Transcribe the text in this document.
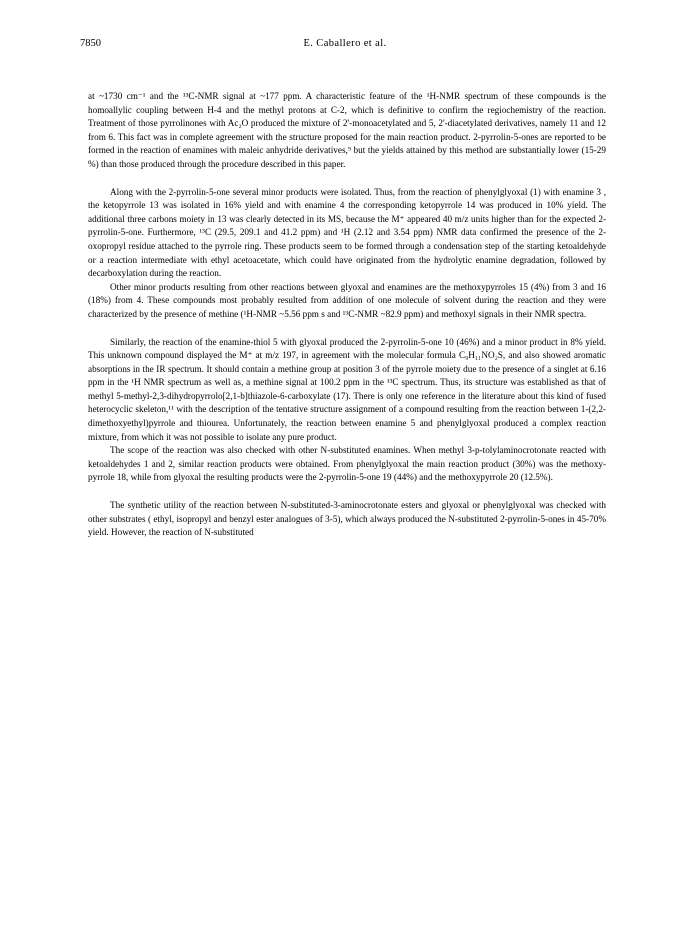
7850	E. Caballero et al.

at ~1730 cm⁻¹ and the ¹³C-NMR signal at ~177 ppm. A characteristic feature of the ¹H-NMR spectrum of these compounds is the homoallylic coupling between H-4 and the methyl protons at C-2, which is definitive to confirm the regiochemistry of the reaction. Treatment of those pyrrolinones with Ac₂O produced the mixture of 2'-monoacetylated and 5, 2'-diacetylated derivatives, namely 11 and 12 from 6. This fact was in complete agreement with the structure proposed for the main reaction product. 2-pyrrolin-5-ones are reported to be formed in the reaction of enamines with maleic anhydride derivatives,⁹ but the yields attained by this method are substantially lower (15-29 %) than those produced through the procedure described in this paper.

Along with the 2-pyrrolin-5-one several minor products were isolated. Thus, from the reaction of phenylglyoxal (1) with enamine 3 , the ketopyrrole 13 was isolated in 16% yield and with enamine 4 the corresponding ketopyrrole 14 was produced in 10% yield. The additional three carbons moiety in 13 was clearly detected in its MS, because the M⁺ appeared 40 m/z units higher than for the expected 2-pyrrolin-5-one. Furthermore, ¹³C (29.5, 209.1 and 41.2 ppm) and ¹H (2.12 and 3.54 ppm) NMR data confirmed the presence of the 2-oxopropyl residue attached to the pyrrole ring. These products seem to be formed through a condensation step of the starting ketoaldehyde or a reaction intermediate with ethyl acetoacetate, which could have originated from the hydrolytic enamine degradation, followed by decarboxylation during the reaction.

Other minor products resulting from other reactions between glyoxal and enamines are the methoxypyrroles 15 (4%) from 3 and 16 (18%) from 4. These compounds most probably resulted from addition of one molecule of solvent during the reaction and they were characterized by the presence of methine (¹H-NMR ~5.56 ppm s and ¹³C-NMR ~82.9 ppm) and methoxyl signals in their NMR spectra.

Similarly, the reaction of the enamine-thiol 5 with glyoxal produced the 2-pyrrolin-5-one 10 (46%) and a minor product in 8% yield. This unknown compound displayed the M⁺ at m/z 197, in agreement with the molecular formula C₉H₁₁NO₂S, and also showed aromatic absorptions in the IR spectrum. It should contain a methine group at position 3 of the pyrrole moiety due to the presence of a singlet at 6.16 ppm in the ¹H NMR spectrum as well as, a methine signal at 100.2 ppm in the ¹³C spectrum. Thus, its structure was established as that of methyl 5-methyl-2,3-dihydropyrrolo[2,1-b]thiazole-6-carboxylate (17). There is only one reference in the literature about this kind of fused heterocyclic skeleton,¹¹ with the description of the tentative structure assignment of a compound resulting from the reaction between 1-(2,2-dimethoxyethyl)pyrrole and thiourea. Unfortunately, the reaction between enamine 5 and phenylglyoxal produced a complex reaction mixture, from which it was not possible to isolate any pure product.

The scope of the reaction was also checked with other N-substituted enamines. When methyl 3-p-tolylaminocrotonate reacted with ketoaldehydes 1 and 2, similar reaction products were obtained. From phenylglyoxal the main reaction product (30%) was the methoxy-pyrrole 18, while from glyoxal the resulting products were the 2-pyrrolin-5-one 19 (44%) and the methoxypyrrole 20 (12.5%).

The synthetic utility of the reaction between N-substituted-3-aminocrotonate esters and glyoxal or phenylglyoxal was checked with other substrates ( ethyl, isopropyl and benzyl ester analogues of 3-5), which always produced the N-substituted 2-pyrrolin-5-ones in 45-70% yield. However, the reaction of N-substituted
